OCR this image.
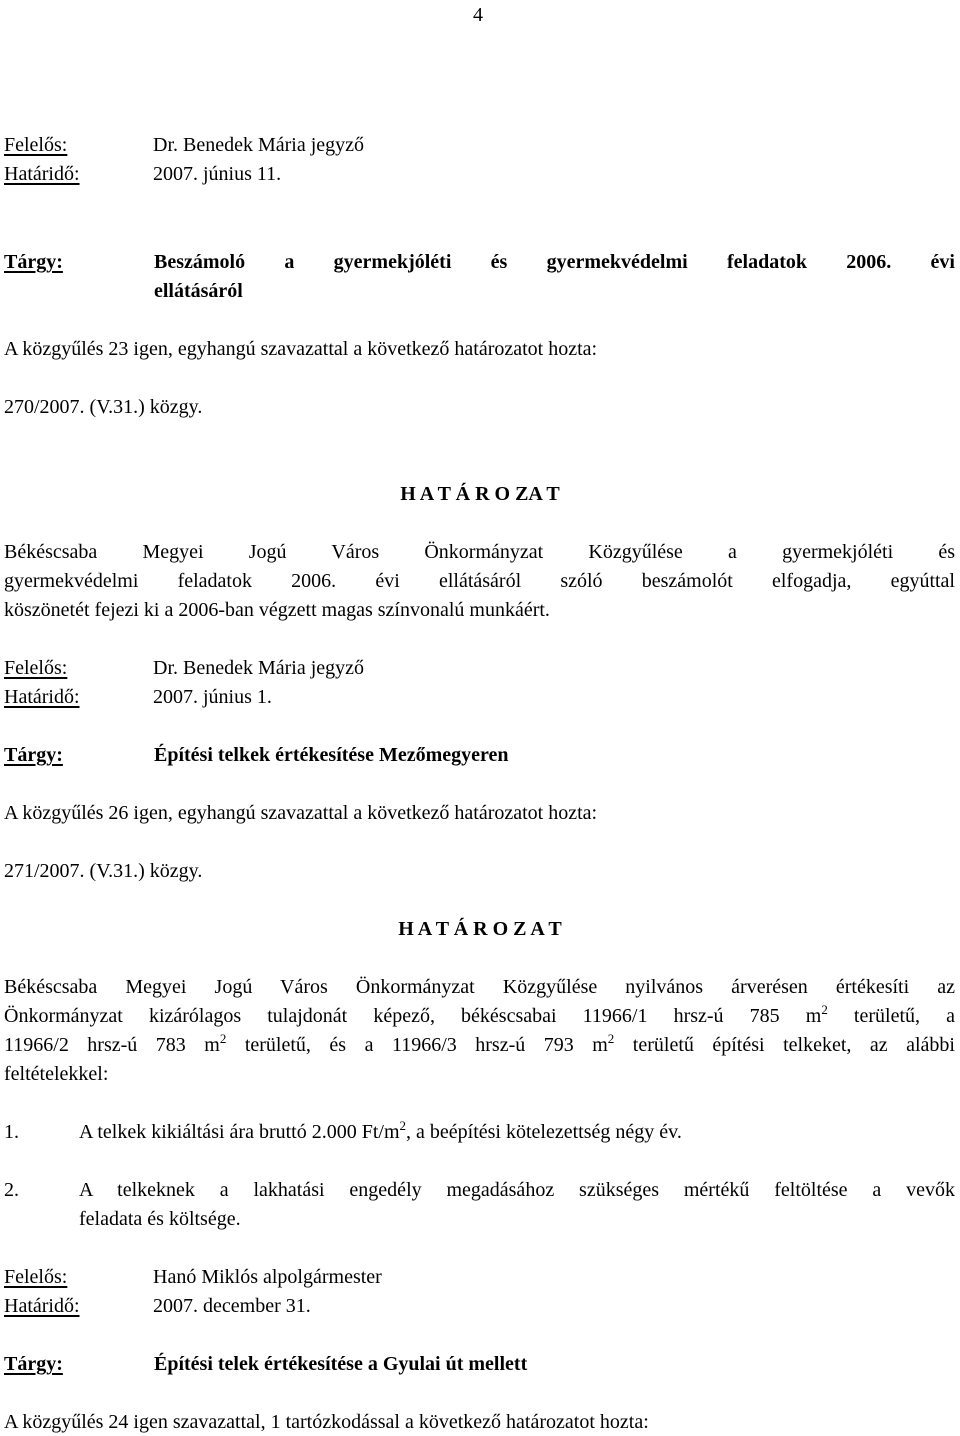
4
Felelős:	Dr. Benedek Mária jegyző
Határidő:	2007. június 11.
Tárgy:	Beszámoló a gyermekjóléti és gyermekvédelmi feladatok 2006. évi
ellátásáról
A közgyűlés 23 igen, egyhangú szavazattal a következő határozatot hozta:
270/2007. (V.31.) közgy.
H A T Á R O ZA T
Békéscsaba Megyei Jogú Város Önkormányzat Közgyűlése a gyermekjóléti és
gyermekvédelmi feladatok 2006. évi ellátásáról szóló beszámolót elfogadja, egyúttal
köszönetét fejezi ki a 2006-ban végzett magas színvonalú munkáért.
Felelős:	Dr. Benedek Mária jegyző
Határidő:	2007. június 1.
Tárgy:	Építési telkek értékesítése Mezőmegyeren
A közgyűlés 26 igen, egyhangú szavazattal a következő határozatot hozta:
271/2007. (V.31.) közgy.
H A T Á R O Z A T
Békéscsaba Megyei Jogú Város Önkormányzat Közgyűlése nyilvános árverésen értékesíti az
Önkormányzat kizárólagos tulajdonát képező, békéscsabai 11966/1 hrsz-ú 785 $m^2$ területű, a
11966/2 hrsz-ú 783 $m^2$ területű, és a 11966/3 hrsz-ú 793 $m^2$ területű építési telkeket, az alábbi
feltételekkel:
1.	A telkek kikiáltási ára bruttó 2.000 $Ft/m^2$, a beépítési kötelezettség négy év.
2.	A telkeknek a lakhatási engedély megadásához szükséges mértékű feltöltése a vevők
feladata és költsége.
Felelős:	Hanó Miklós alpolgármester
Határidő:	2007. december 31.
Tárgy:	Építési telek értékesítése a Gyulai út mellett
A közgyűlés 24 igen szavazattal, 1 tartózkodással a következő határozatot hozta:
